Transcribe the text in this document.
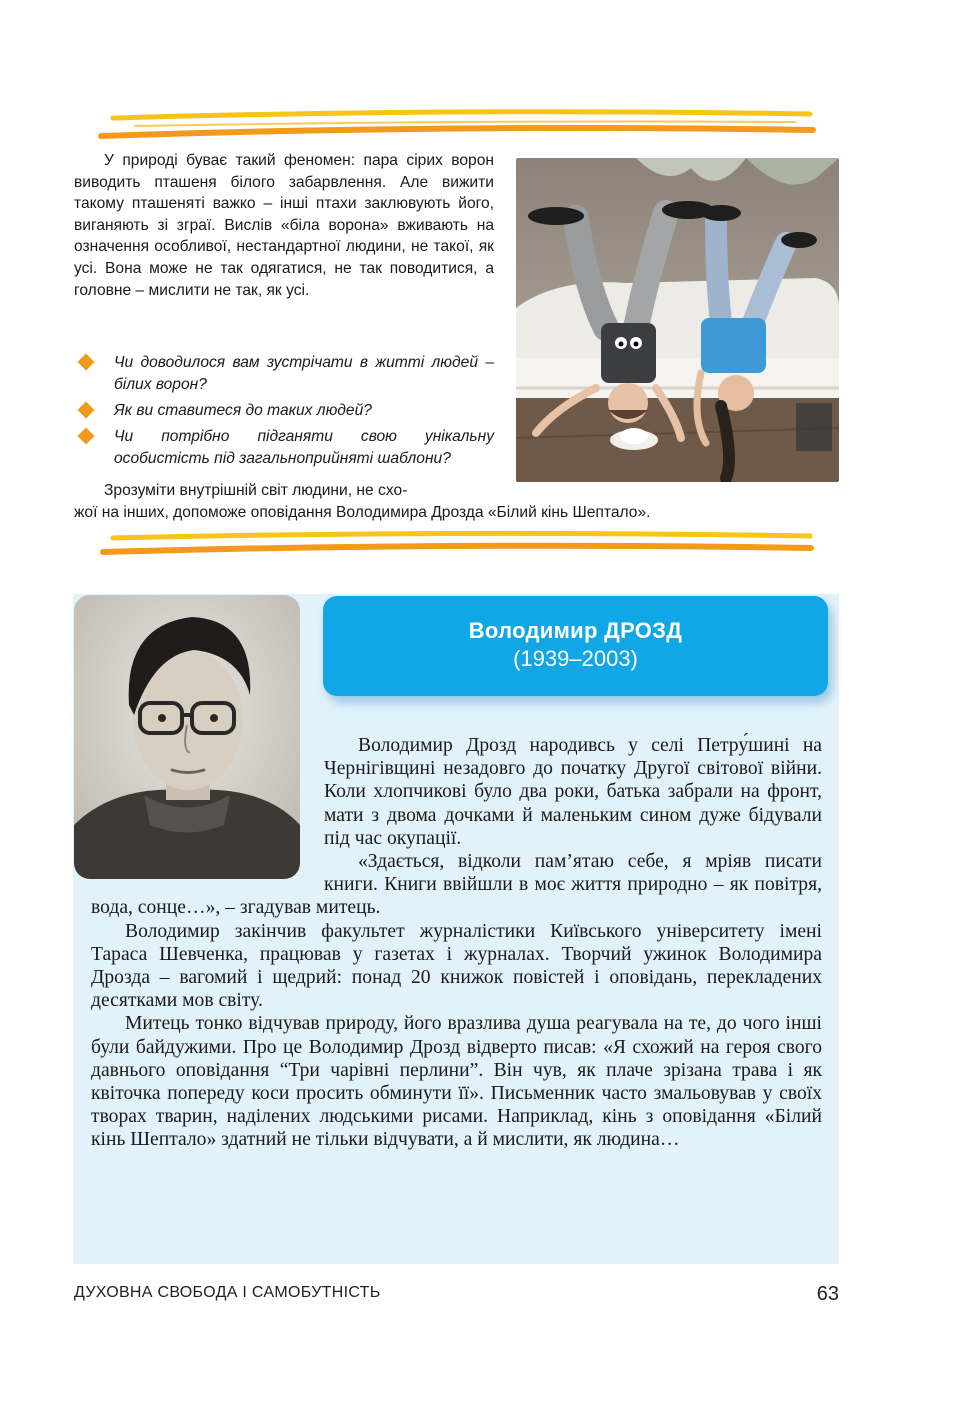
У природі буває такий феномен: пара сірих ворон виводить пташеня білого забарвлення. Але вижити такому пташеняті важко – інші птахи заклювують його, виганяють зі зграї. Вислів «біла ворона» вживають на означення особливої, нестандартної людини, не такої, як усі. Вона може не так одягатися, не так поводитися, а головне – мислити не так, як усі.

Чи доводилося вам зустрічати в житті людей – білих ворон?
Як ви ставитеся до таких людей?
Чи потрібно підганяти свою унікальну особистість під загальноприйняті шаблони?

Зрозуміти внутрішній світ людини, не схо-
жої на інших, допоможе оповідання Володимира Дрозда «Білий кінь Шептало».

Володимир ДРОЗД
(1939–2003)

Володимир Дрозд народивсь у селі Петру́шині на Чернігівщині незадовго до початку Другої світової війни. Коли хлопчикові було два роки, батька забрали на фронт, мати з двома дочками й маленьким сином дуже бідували під час окупації.

«Здається, відколи пам’ятаю себе, я мріяв писати книги. Книги ввійшли в моє життя природно – як повітря, вода, сонце…», – згадував митець.

Володимир закінчив факультет журналістики Київського університету імені Тараса Шевченка, працював у газетах і журналах. Творчий ужинок Володимира Дрозда – вагомий і щедрий: понад 20 книжок повістей і оповідань, перекладених десятками мов світу.

Митець тонко відчував природу, його вразлива душа реагувала на те, до чого інші були байдужими. Про це Володимир Дрозд відверто писав: «Я схожий на героя свого давнього оповідання “Три чарівні перлини”. Він чув, як плаче зрізана трава і як квіточка попереду коси просить обминути її». Письменник часто змальовував у своїх творах тварин, наділених людськими рисами. Наприклад, кінь з оповідання «Білий кінь Шептало» здатний не тільки відчувати, а й мислити, як людина…

ДУХОВНА СВОБОДА І САМОБУТНІСТЬ	63
